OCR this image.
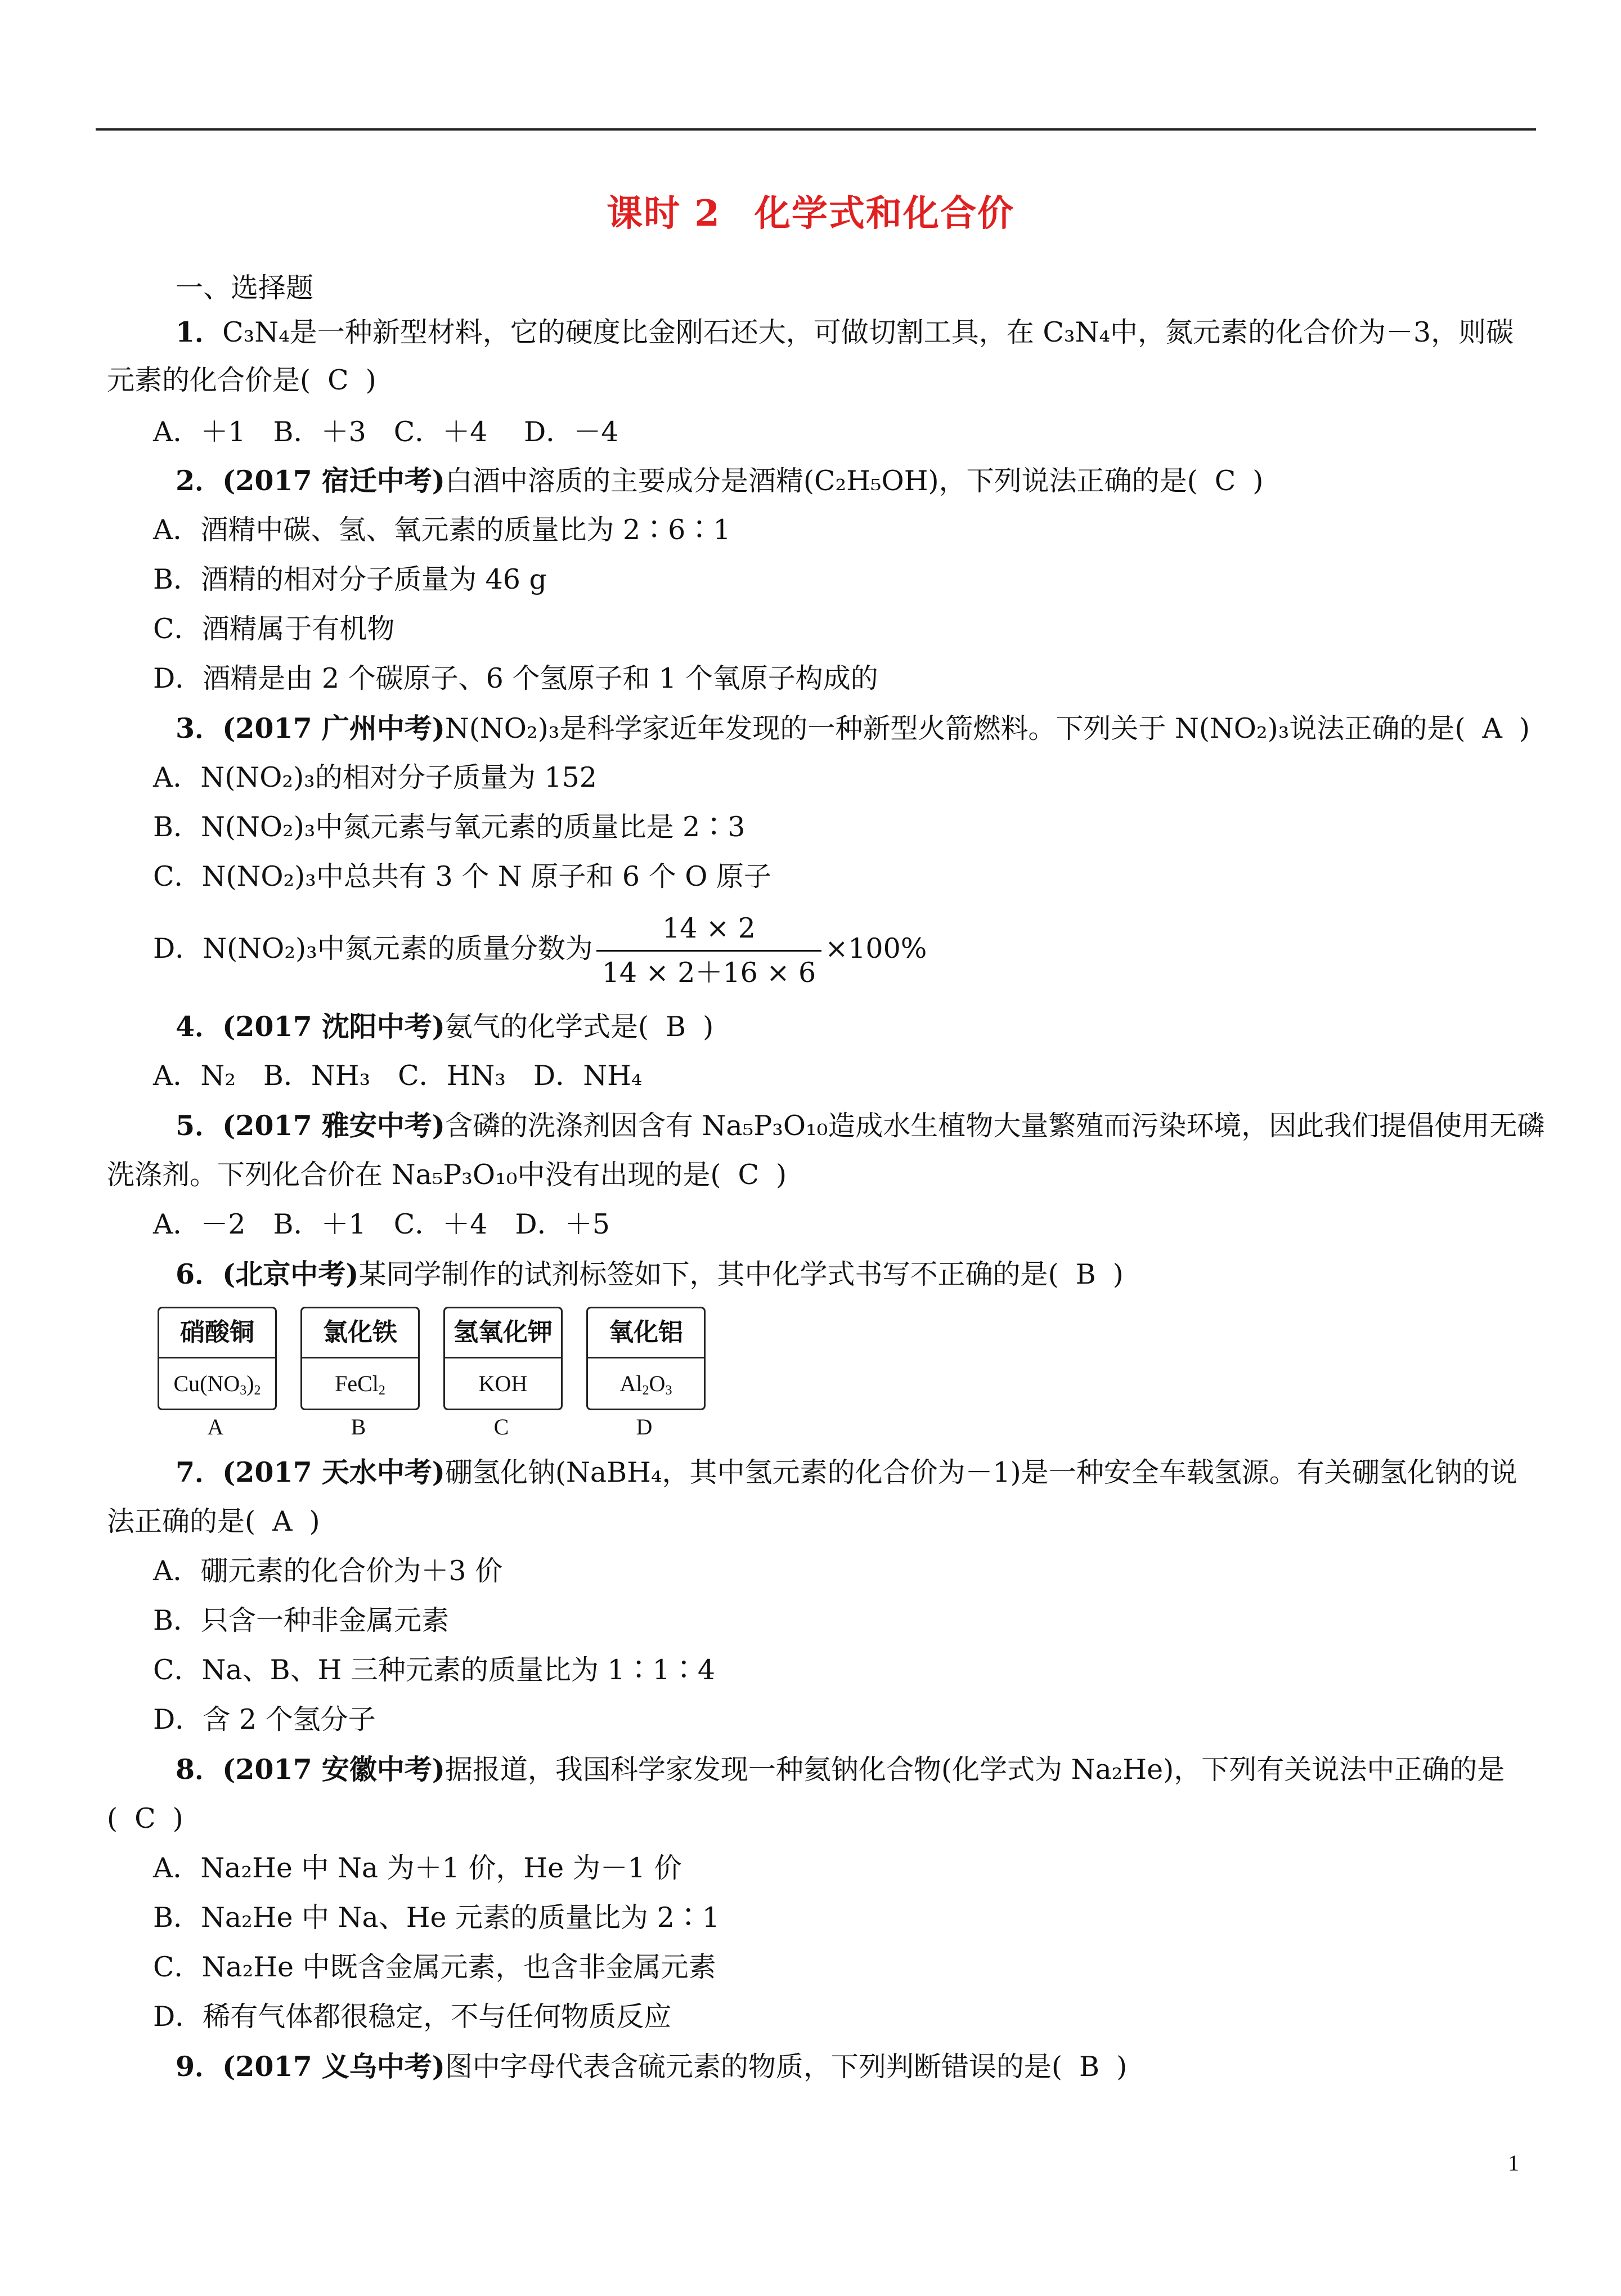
课时 2 化学式和化合价
一、选择题
1．C₃N₄是一种新型材料，它的硬度比金刚石还大，可做切割工具，在 C₃N₄中，氮元素的化合价为－3，则碳
元素的化合价是( C )
A．＋1　B．＋3　C．＋4　 D．－4
2．(2017 宿迁中考)白酒中溶质的主要成分是酒精(C₂H₅OH)，下列说法正确的是( C )
A．酒精中碳、氢、氧元素的质量比为 2∶6∶1
B．酒精的相对分子质量为 46 g
C．酒精属于有机物
D．酒精是由 2 个碳原子、6 个氢原子和 1 个氧原子构成的
3．(2017 广州中考)N(NO₂)₃是科学家近年发现的一种新型火箭燃料。下列关于 N(NO₂)₃说法正确的是( A )
A．N(NO₂)₃的相对分子质量为 152
B．N(NO₂)₃中氮元素与氧元素的质量比是 2∶3
C．N(NO₂)₃中总共有 3 个 N 原子和 6 个 O 原子
D．N(NO₂)₃中氮元素的质量分数为 $\frac{14 \times 2}{14 \times 2+16 \times 6} \times 100\%$
4．(2017 沈阳中考)氨气的化学式是( B )
A．N₂　B．NH₃　C．HN₃　D．NH₄
5．(2017 雅安中考)含磷的洗涤剂因含有 Na₅P₃O₁₀造成水生植物大量繁殖而污染环境，因此我们提倡使用无磷
洗涤剂。下列化合价在 Na₅P₃O₁₀中没有出现的是( C )
A．－2　B．＋1　C．＋4　D．＋5
6．(北京中考)某同学制作的试剂标签如下，其中化学式书写不正确的是( B )
硝酸铜
$Cu(NO_3)_2$
A
氯化铁
FeCl$_2$
B
氢氧化钾
KOH
C
氧化铝
$Al_2O_3$
D
7．(2017 天水中考)硼氢化钠(NaBH₄，其中氢元素的化合价为－1)是一种安全车载氢源。有关硼氢化钠的说
法正确的是( A )
A．硼元素的化合价为＋3 价
B．只含一种非金属元素
C．Na、B、H 三种元素的质量比为 1∶1∶4
D．含 2 个氢分子
8．(2017 安徽中考)据报道，我国科学家发现一种氦钠化合物(化学式为 Na₂He)，下列有关说法中正确的是
( C )
A．Na₂He 中 Na 为＋1 价，He 为－1 价
B．Na₂He 中 Na、He 元素的质量比为 2∶1
C．Na₂He 中既含金属元素，也含非金属元素
D．稀有气体都很稳定，不与任何物质反应
9．(2017 义乌中考)图中字母代表含硫元素的物质，下列判断错误的是( B )
1
